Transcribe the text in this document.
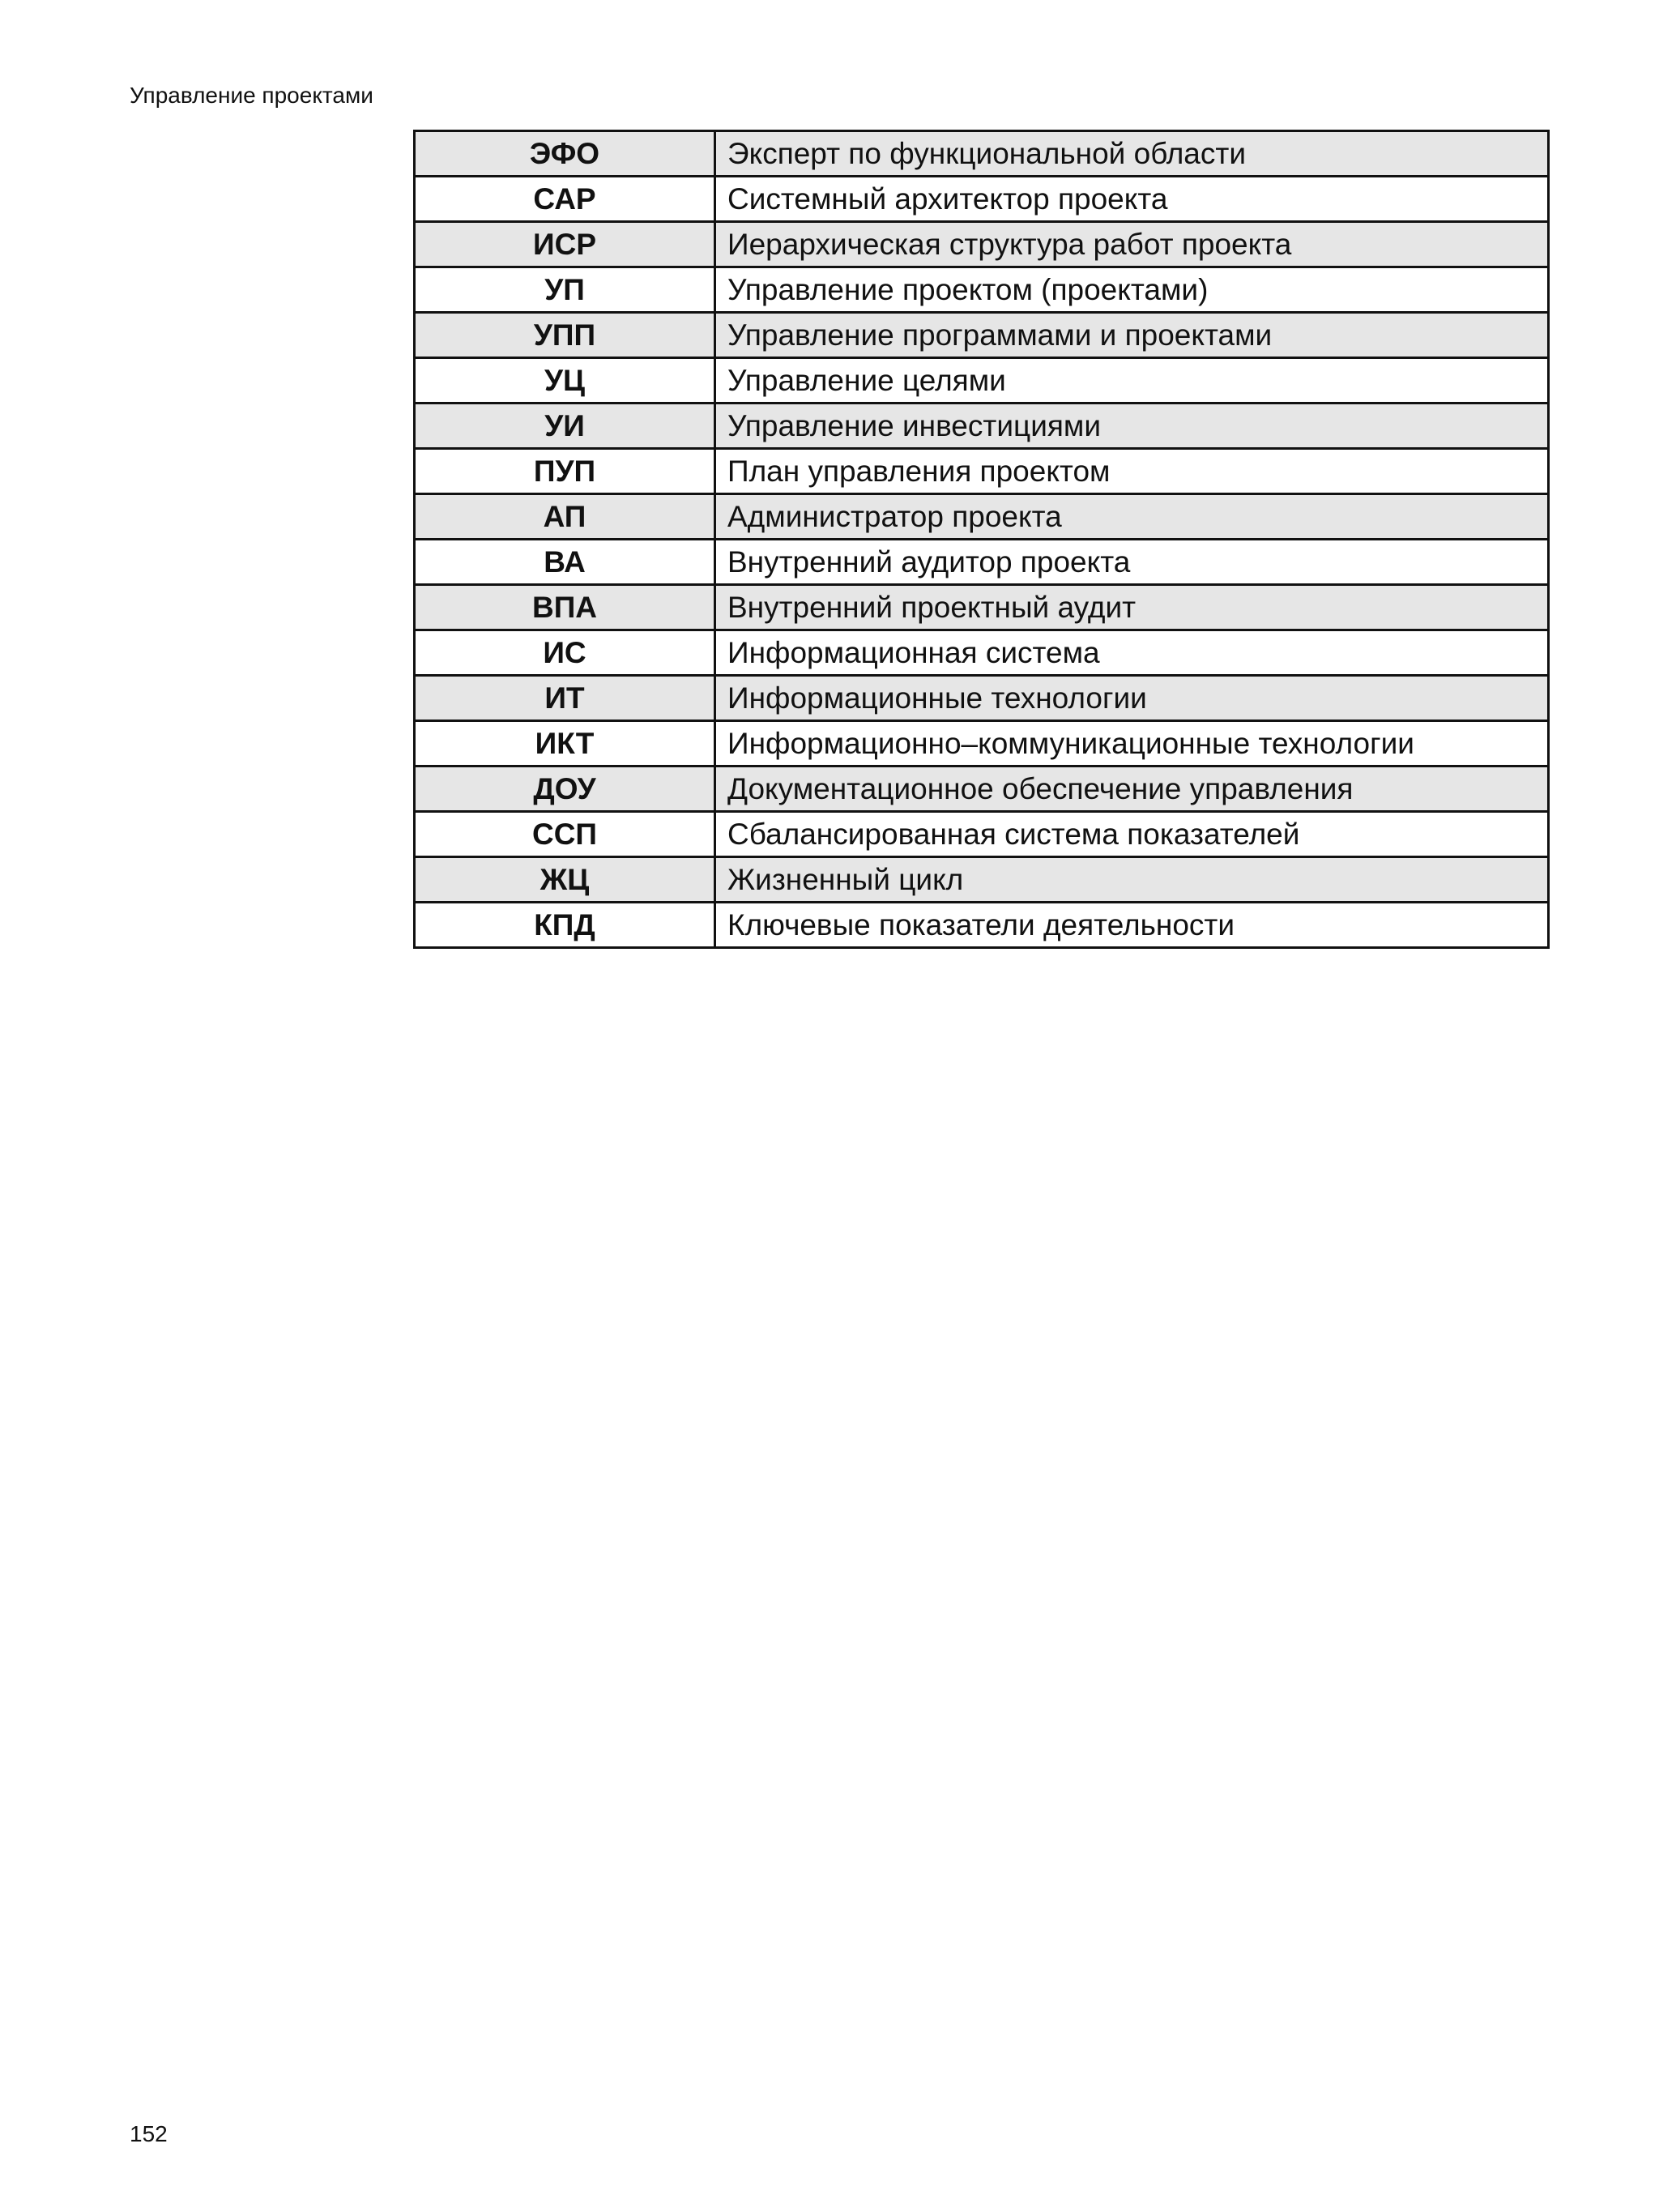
Управление проектами
ЭФО	Эксперт по функциональной области
САР	Системный архитектор проекта
ИСР	Иерархическая структура работ проекта
УП	Управление проектом (проектами)
УПП	Управление программами и проектами
УЦ	Управление целями
УИ	Управление инвестициями
ПУП	План управления проектом
АП	Администратор проекта
ВА	Внутренний аудитор проекта
ВПА	Внутренний проектный аудит
ИС	Информационная система
ИТ	Информационные технологии
ИКТ	Информационно–коммуникационные технологии
ДОУ	Документационное обеспечение управления
ССП	Сбалансированная система показателей
ЖЦ	Жизненный цикл
КПД	Ключевые показатели деятельности
152
